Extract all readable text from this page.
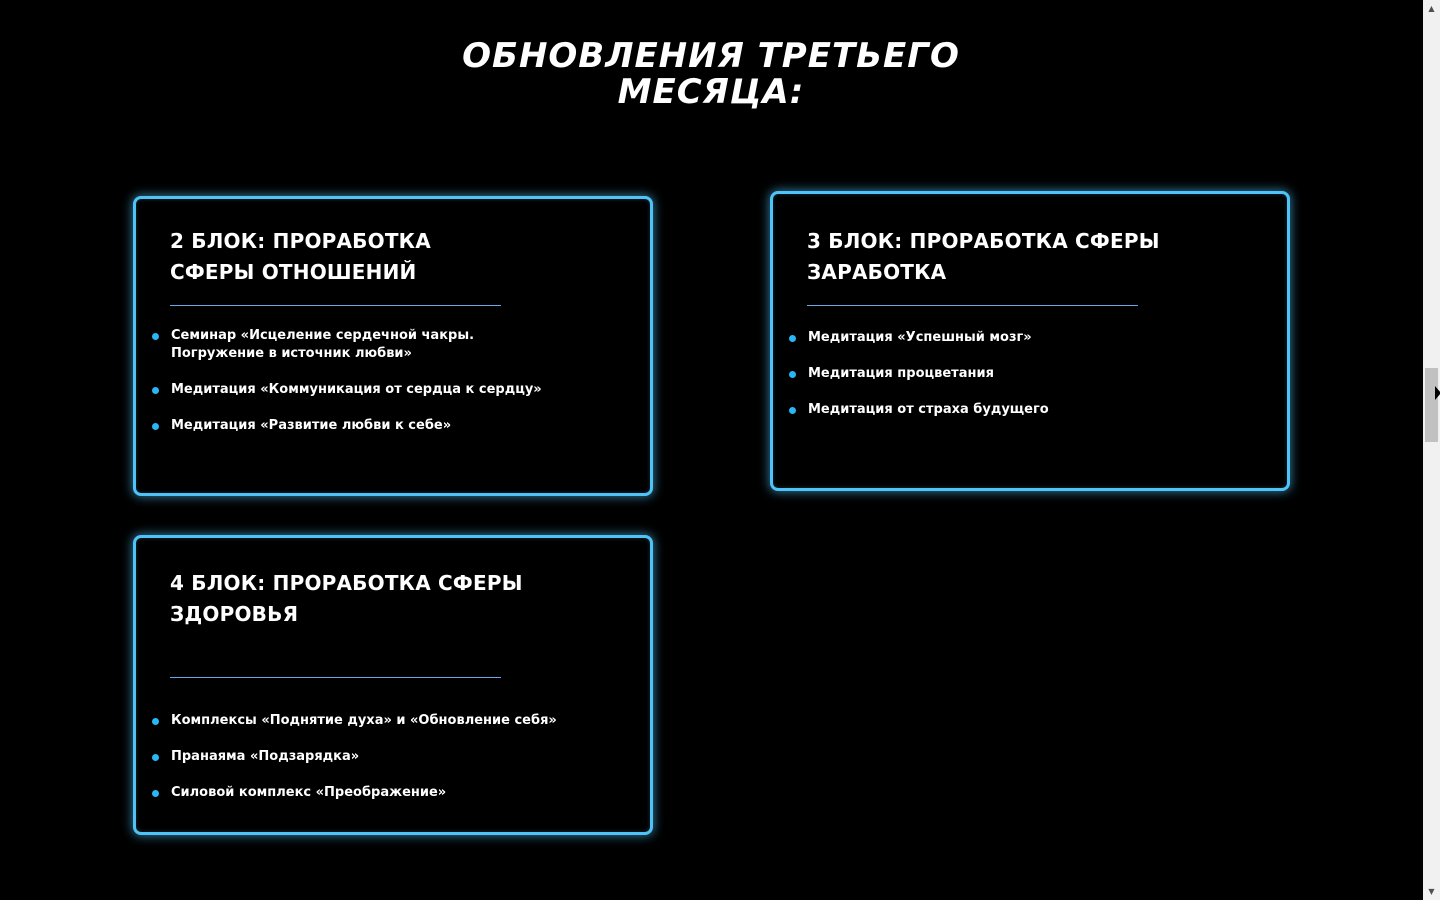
ОБНОВЛЕНИЯ ТРЕТЬЕГО
МЕСЯЦА:
2 БЛОК: ПРОРАБОТКА
СФЕРЫ ОТНОШЕНИЙ
Семинар «Исцеление сердечной чакры.
Погружение в источник любви»
Медитация «Коммуникация от сердца к сердцу»
Медитация «Развитие любви к себе»
3 БЛОК: ПРОРАБОТКА СФЕРЫ
ЗАРАБОТКА
Медитация «Успешный мозг»
Медитация процветания
Медитация от страха будущего
4 БЛОК: ПРОРАБОТКА СФЕРЫ
ЗДОРОВЬЯ
Комплексы «Поднятие духа» и «Обновление себя»
Пранаяма «Подзарядка»
Силовой комплекс «Преображение»
▲
▼
